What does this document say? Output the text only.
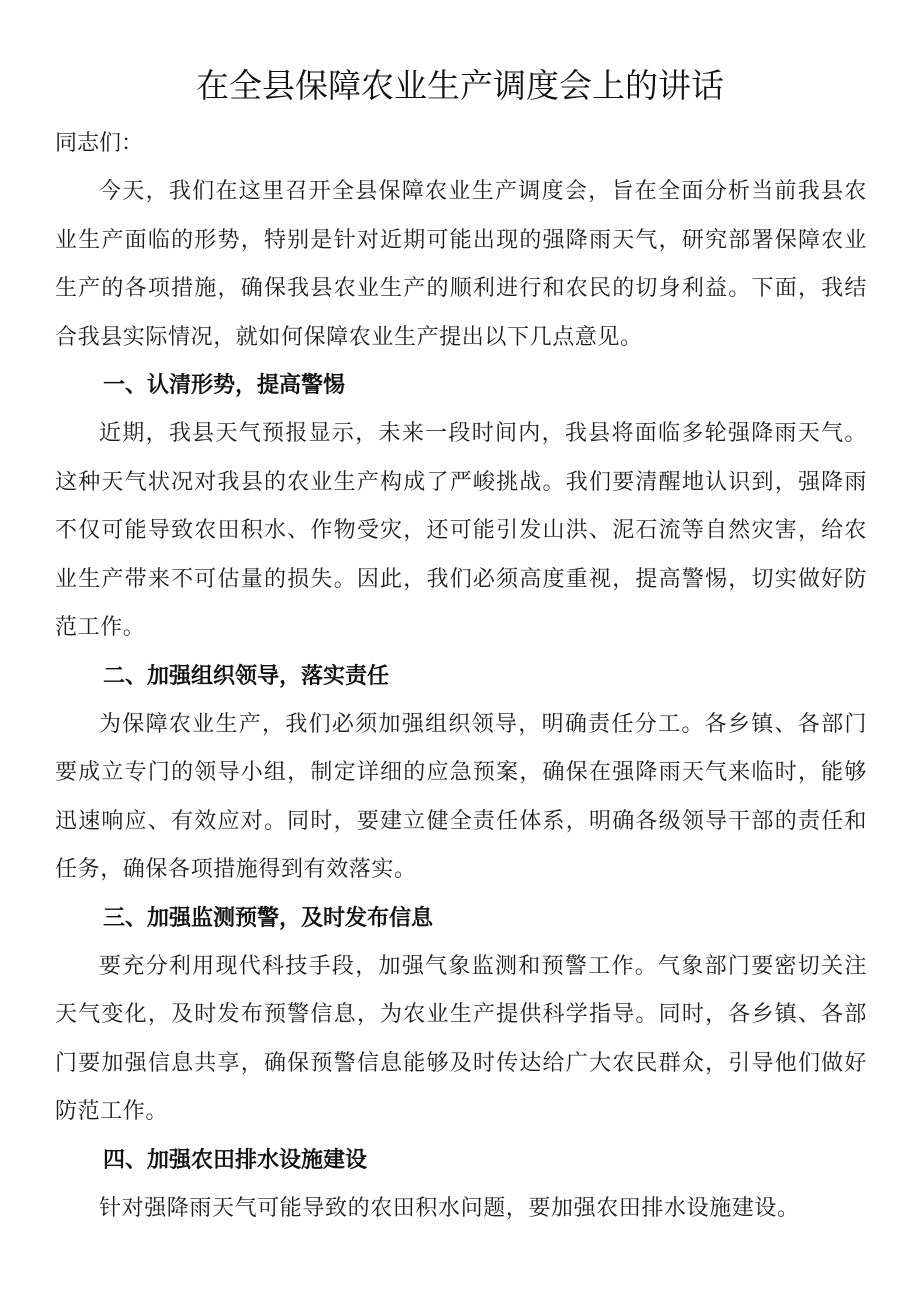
在全县保障农业生产调度会上的讲话

同志们：

今天，我们在这里召开全县保障农业生产调度会，旨在全面分析当前我县农业生产面临的形势，特别是针对近期可能出现的强降雨天气，研究部署保障农业生产的各项措施，确保我县农业生产的顺利进行和农民的切身利益。下面，我结合我县实际情况，就如何保障农业生产提出以下几点意见。

一、认清形势，提高警惕

近期，我县天气预报显示，未来一段时间内，我县将面临多轮强降雨天气。这种天气状况对我县的农业生产构成了严峻挑战。我们要清醒地认识到，强降雨不仅可能导致农田积水、作物受灾，还可能引发山洪、泥石流等自然灾害，给农业生产带来不可估量的损失。因此，我们必须高度重视，提高警惕，切实做好防范工作。

二、加强组织领导，落实责任

为保障农业生产，我们必须加强组织领导，明确责任分工。各乡镇、各部门要成立专门的领导小组，制定详细的应急预案，确保在强降雨天气来临时，能够迅速响应、有效应对。同时，要建立健全责任体系，明确各级领导干部的责任和任务，确保各项措施得到有效落实。

三、加强监测预警，及时发布信息

要充分利用现代科技手段，加强气象监测和预警工作。气象部门要密切关注天气变化，及时发布预警信息，为农业生产提供科学指导。同时，各乡镇、各部门要加强信息共享，确保预警信息能够及时传达给广大农民群众，引导他们做好防范工作。

四、加强农田排水设施建设

针对强降雨天气可能导致的农田积水问题，要加强农田排水设施建设。
